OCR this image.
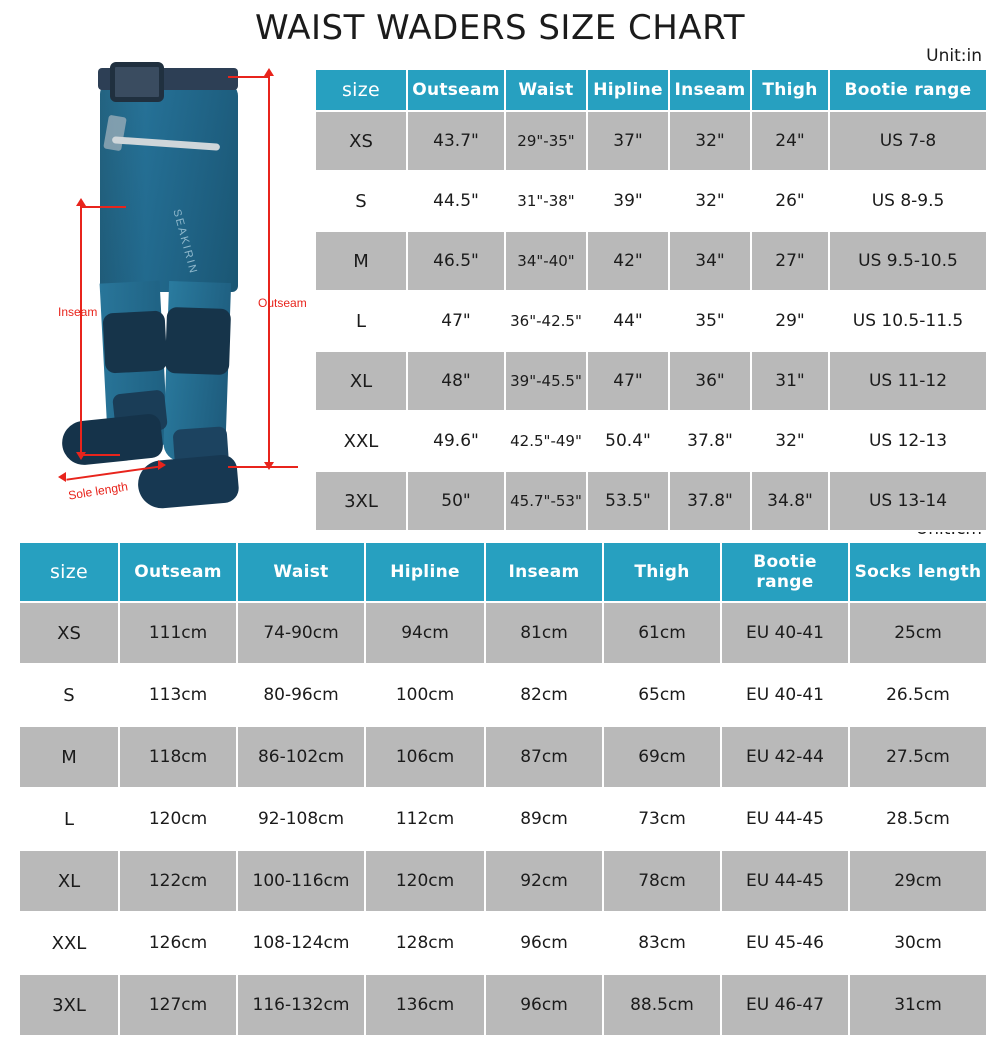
WAIST WADERS SIZE CHART
Unit:in
SEAKIRIN
Inseam
Outseam
Sole length
size	Outseam	Waist	Hipline	Inseam	Thigh	Bootie range
XS	43.7"	29"-35"	37"	32"	24"	US 7-8
S	44.5"	31"-38"	39"	32"	26"	US 8-9.5
M	46.5"	34"-40"	42"	34"	27"	US 9.5-10.5
L	47"	36"-42.5"	44"	35"	29"	US 10.5-11.5
XL	48"	39"-45.5"	47"	36"	31"	US 11-12
XXL	49.6"	42.5"-49"	50.4"	37.8"	32"	US 12-13
3XL	50"	45.7"-53"	53.5"	37.8"	34.8"	US 13-14
size	Outseam	Waist	Hipline	Inseam	Thigh	Bootie range	Socks length
XS	111cm	74-90cm	94cm	81cm	61cm	EU 40-41	25cm
S	113cm	80-96cm	100cm	82cm	65cm	EU 40-41	26.5cm
M	118cm	86-102cm	106cm	87cm	69cm	EU 42-44	27.5cm
L	120cm	92-108cm	112cm	89cm	73cm	EU 44-45	28.5cm
XL	122cm	100-116cm	120cm	92cm	78cm	EU 44-45	29cm
XXL	126cm	108-124cm	128cm	96cm	83cm	EU 45-46	30cm
3XL	127cm	116-132cm	136cm	96cm	88.5cm	EU 46-47	31cm
